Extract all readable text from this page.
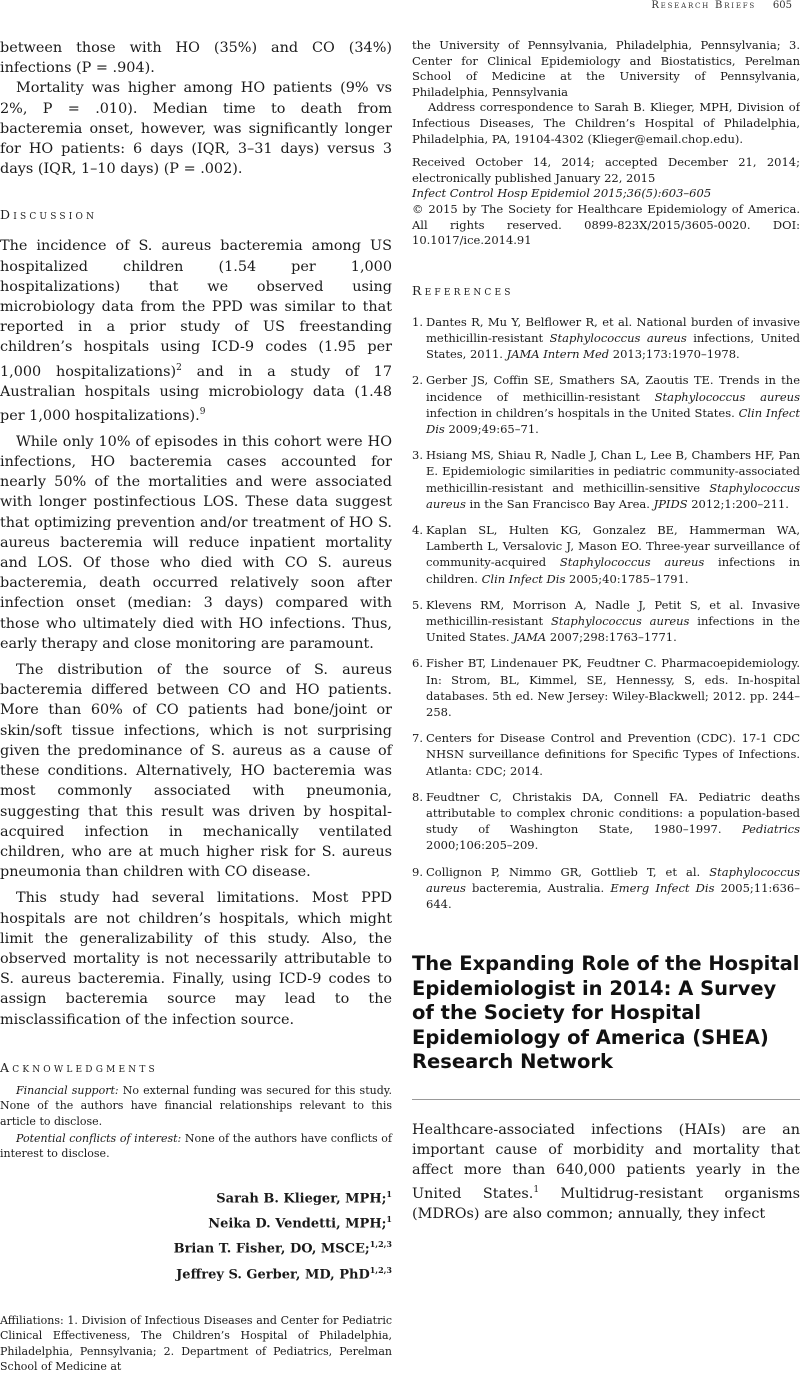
Research Briefs 605

between those with HO (35%) and CO (34%) infections (P = .904).

Mortality was higher among HO patients (9% vs 2%, P = .010). Median time to death from bacteremia onset, however, was significantly longer for HO patients: 6 days (IQR, 3–31 days) versus 3 days (IQR, 1–10 days) (P = .002).

Discussion

The incidence of S. aureus bacteremia among US hospitalized children (1.54 per 1,000 hospitalizations) that we observed using microbiology data from the PPD was similar to that reported in a prior study of US freestanding children’s hospitals using ICD-9 codes (1.95 per 1,000 hospitalizations)$^2$ and in a study of 17 Australian hospitals using microbiology data (1.48 per 1,000 hospitalizations).$^9$

While only 10% of episodes in this cohort were HO infections, HO bacteremia cases accounted for nearly 50% of the mortalities and were associated with longer postinfectious LOS. These data suggest that optimizing prevention and/or treatment of HO S. aureus bacteremia will reduce inpatient mortality and LOS. Of those who died with CO S. aureus bacteremia, death occurred relatively soon after infection onset (median: 3 days) compared with those who ultimately died with HO infections. Thus, early therapy and close monitoring are paramount.

The distribution of the source of S. aureus bacteremia differed between CO and HO patients. More than 60% of CO patients had bone/joint or skin/soft tissue infections, which is not surprising given the predominance of S. aureus as a cause of these conditions. Alternatively, HO bacteremia was most commonly associated with pneumonia, suggesting that this result was driven by hospital-acquired infection in mechanically ventilated children, who are at much higher risk for S. aureus pneumonia than children with CO disease.

This study had several limitations. Most PPD hospitals are not children’s hospitals, which might limit the generalizability of this study. Also, the observed mortality is not necessarily attributable to S. aureus bacteremia. Finally, using ICD-9 codes to assign bacteremia source may lead to the misclassification of the infection source.

Acknowledgments

Financial support: No external funding was secured for this study. None of the authors have financial relationships relevant to this article to disclose.

Potential conflicts of interest: None of the authors have conflicts of interest to disclose.

Sarah B. Klieger, MPH;$^1$
Neika D. Vendetti, MPH;$^1$
Brian T. Fisher, DO, MSCE;$^{1,2,3}$
Jeffrey S. Gerber, MD, PhD$^{1,2,3}$

Affiliations: 1. Division of Infectious Diseases and Center for Pediatric Clinical Effectiveness, The Children’s Hospital of Philadelphia, Philadelphia, Pennsylvania; 2. Department of Pediatrics, Perelman School of Medicine at

the University of Pennsylvania, Philadelphia, Pennsylvania; 3. Center for Clinical Epidemiology and Biostatistics, Perelman School of Medicine at the University of Pennsylvania, Philadelphia, Pennsylvania

Address correspondence to Sarah B. Klieger, MPH, Division of Infectious Diseases, The Children’s Hospital of Philadelphia, Philadelphia, PA, 19104-4302 (Klieger@email.chop.edu).

Received October 14, 2014; accepted December 21, 2014; electronically published January 22, 2015

Infect Control Hosp Epidemiol 2015;36(5):603–605

© 2015 by The Society for Healthcare Epidemiology of America. All rights reserved. 0899-823X/2015/3605-0020. DOI: 10.1017/ice.2014.91

References
1. Dantes R, Mu Y, Belflower R, et al. National burden of invasive methicillin-resistant Staphylococcus aureus infections, United States, 2011. JAMA Intern Med 2013;173:1970–1978.
2. Gerber JS, Coffin SE, Smathers SA, Zaoutis TE. Trends in the incidence of methicillin-resistant Staphylococcus aureus infection in children’s hospitals in the United States. Clin Infect Dis 2009;49:65–71.
3. Hsiang MS, Shiau R, Nadle J, Chan L, Lee B, Chambers HF, Pan E. Epidemiologic similarities in pediatric community-associated methicillin-resistant and methicillin-sensitive Staphylococcus aureus in the San Francisco Bay Area. JPIDS 2012;1:200–211.
4. Kaplan SL, Hulten KG, Gonzalez BE, Hammerman WA, Lamberth L, Versalovic J, Mason EO. Three-year surveillance of community-acquired Staphylococcus aureus infections in children. Clin Infect Dis 2005;40:1785–1791.
5. Klevens RM, Morrison A, Nadle J, Petit S, et al. Invasive methicillin-resistant Staphylococcus aureus infections in the United States. JAMA 2007;298:1763–1771.
6. Fisher BT, Lindenauer PK, Feudtner C. Pharmacoepidemiology. In: Strom, BL, Kimmel, SE, Hennessy, S, eds. In-hospital databases. 5th ed. New Jersey: Wiley-Blackwell; 2012. pp. 244–258.
7. Centers for Disease Control and Prevention (CDC). 17-1 CDC NHSN surveillance definitions for Specific Types of Infections. Atlanta: CDC; 2014.
8. Feudtner C, Christakis DA, Connell FA. Pediatric deaths attributable to complex chronic conditions: a population-based study of Washington State, 1980–1997. Pediatrics 2000;106:205–209.
9. Collignon P, Nimmo GR, Gottlieb T, et al. Staphylococcus aureus bacteremia, Australia. Emerg Infect Dis 2005;11:636–644.
The Expanding Role of the Hospital Epidemiologist in 2014: A Survey of the Society for Hospital Epidemiology of America (SHEA) Research Network

Healthcare-associated infections (HAIs) are an important cause of morbidity and mortality that affect more than 640,000 patients yearly in the United States.$^1$ Multidrug-resistant organisms (MDROs) are also common; annually, they infect
